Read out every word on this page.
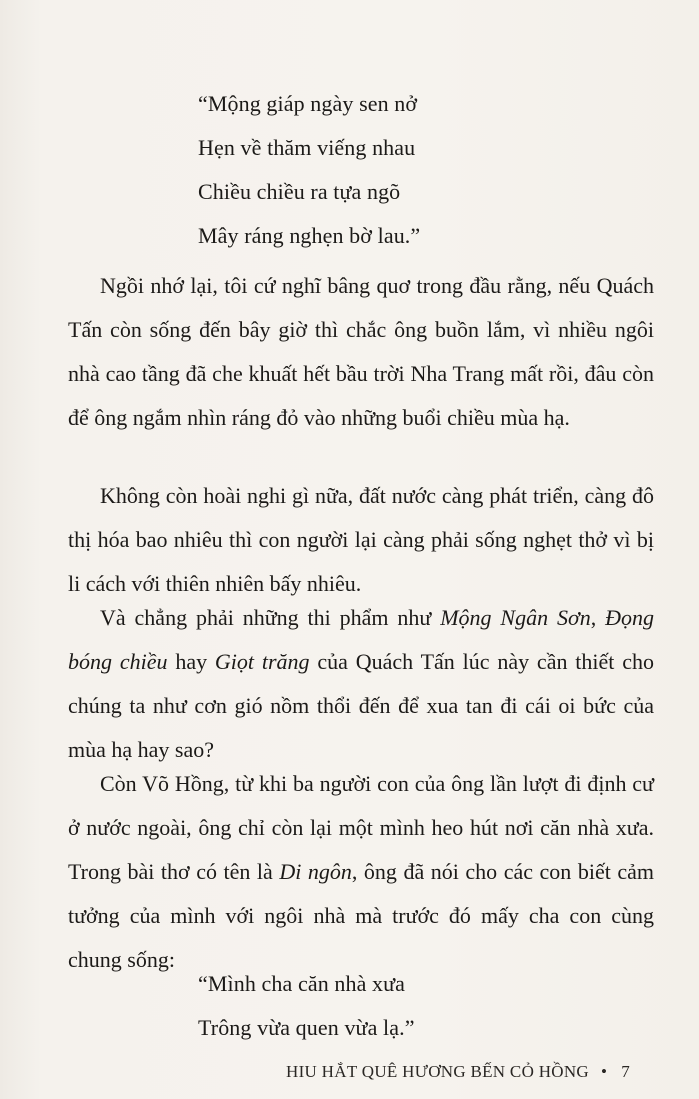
“Mộng giáp ngày sen nở
Hẹn về thăm viếng nhau
Chiều chiều ra tựa ngõ
Mây ráng nghẹn bờ lau.”

Ngồi nhớ lại, tôi cứ nghĩ bâng quơ trong đầu rằng, nếu Quách Tấn còn sống đến bây giờ thì chắc ông buồn lắm, vì nhiều ngôi nhà cao tầng đã che khuất hết bầu trời Nha Trang mất rồi, đâu còn để ông ngắm nhìn ráng đỏ vào những buổi chiều mùa hạ.

Không còn hoài nghi gì nữa, đất nước càng phát triển, càng đô thị hóa bao nhiêu thì con người lại càng phải sống nghẹt thở vì bị li cách với thiên nhiên bấy nhiêu.

Và chẳng phải những thi phẩm như Mộng Ngân Sơn, Đọng bóng chiều hay Giọt trăng của Quách Tấn lúc này cần thiết cho chúng ta như cơn gió nồm thổi đến để xua tan đi cái oi bức của mùa hạ hay sao?

Còn Võ Hồng, từ khi ba người con của ông lần lượt đi định cư ở nước ngoài, ông chỉ còn lại một mình heo hút nơi căn nhà xưa. Trong bài thơ có tên là Di ngôn, ông đã nói cho các con biết cảm tưởng của mình với ngôi nhà mà trước đó mấy cha con cùng chung sống:

“Mình cha căn nhà xưa
Trông vừa quen vừa lạ.”
HIU HẮT QUÊ HƯƠNG BẾN CỎ HỒNG • 7
